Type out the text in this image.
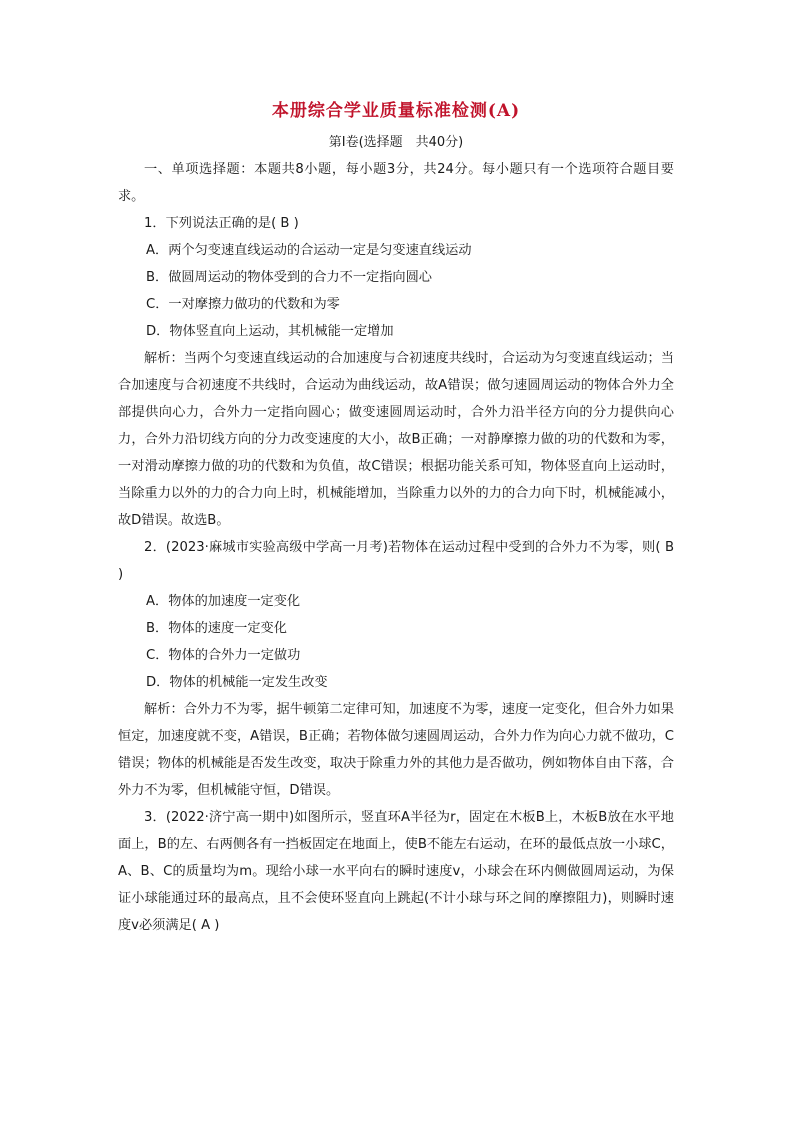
本册综合学业质量标准检测(A)
第Ⅰ卷(选择题　共40分)

一、单项选择题：本题共8小题，每小题3分，共24分。每小题只有一个选项符合题目要求。

1．下列说法正确的是( B )

A．两个匀变速直线运动的合运动一定是匀变速直线运动

B．做圆周运动的物体受到的合力不一定指向圆心

C．一对摩擦力做功的代数和为零

D．物体竖直向上运动，其机械能一定增加

解析：当两个匀变速直线运动的合加速度与合初速度共线时，合运动为匀变速直线运动；当合加速度与合初速度不共线时，合运动为曲线运动，故A错误；做匀速圆周运动的物体合外力全部提供向心力，合外力一定指向圆心；做变速圆周运动时，合外力沿半径方向的分力提供向心力，合外力沿切线方向的分力改变速度的大小，故B正确；一对静摩擦力做的功的代数和为零，一对滑动摩擦力做的功的代数和为负值，故C错误；根据功能关系可知，物体竖直向上运动时，当除重力以外的力的合力向上时，机械能增加，当除重力以外的力的合力向下时，机械能减小，故D错误。故选B。

2．(2023·麻城市实验高级中学高一月考)若物体在运动过程中受到的合外力不为零，则( B )

A．物体的加速度一定变化

B．物体的速度一定变化

C．物体的合外力一定做功

D．物体的机械能一定发生改变

解析：合外力不为零，据牛顿第二定律可知，加速度不为零，速度一定变化，但合外力如果恒定，加速度就不变，A错误，B正确；若物体做匀速圆周运动，合外力作为向心力就不做功，C错误；物体的机械能是否发生改变，取决于除重力外的其他力是否做功，例如物体自由下落，合外力不为零，但机械能守恒，D错误。

3．(2022·济宁高一期中)如图所示，竖直环A半径为r，固定在木板B上，木板B放在水平地面上，B的左、右两侧各有一挡板固定在地面上，使B不能左右运动，在环的最低点放一小球C，A、B、C的质量均为m。现给小球一水平向右的瞬时速度v，小球会在环内侧做圆周运动，为保证小球能通过环的最高点，且不会使环竖直向上跳起(不计小球与环之间的摩擦阻力)，则瞬时速度v必须满足( A )
